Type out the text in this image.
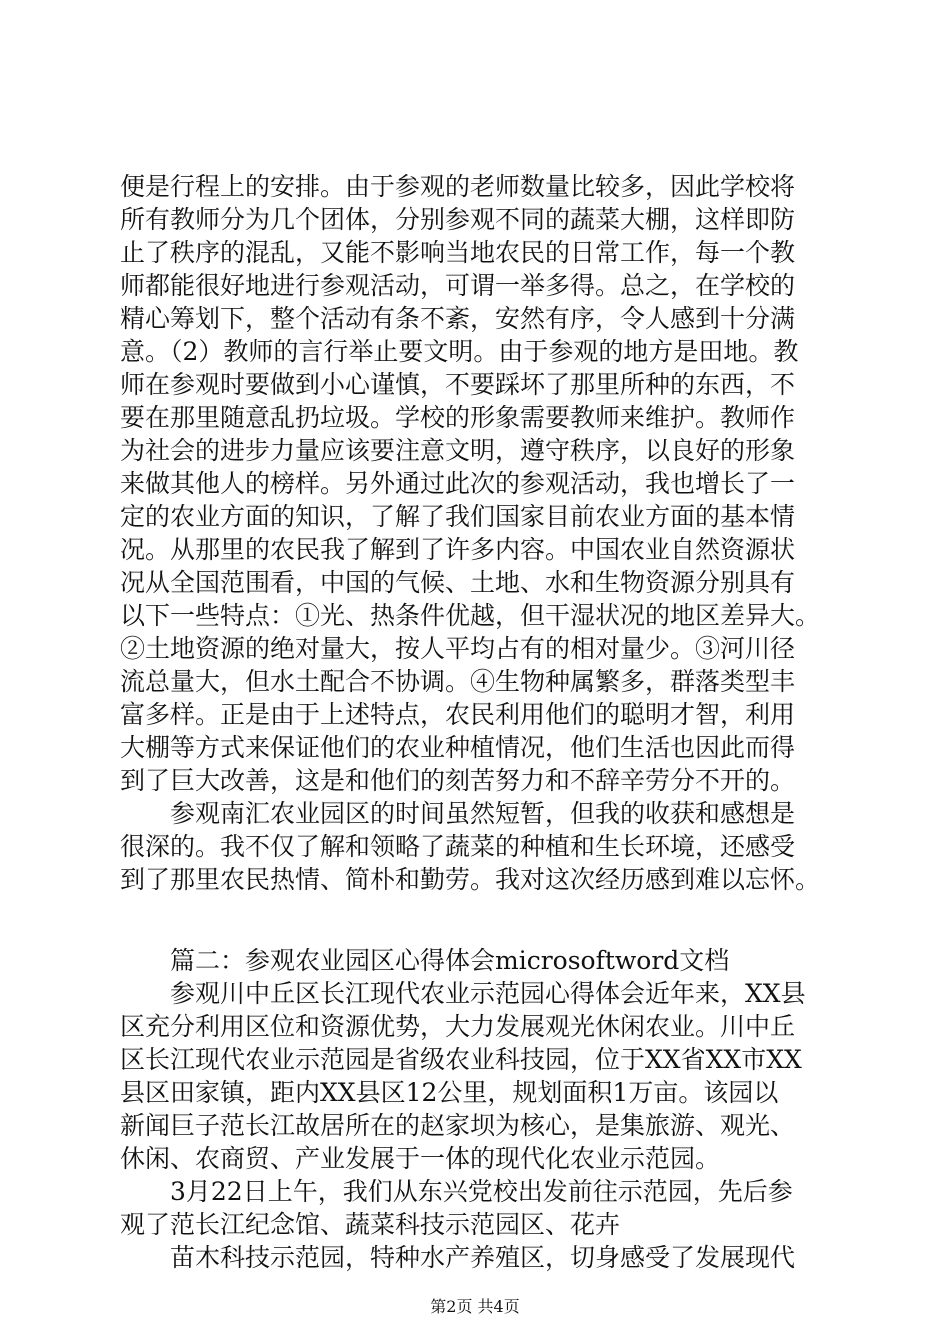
便是行程上的安排。由于参观的老师数量比较多，因此学校将
所有教师分为几个团体，分别参观不同的蔬菜大棚，这样即防
止了秩序的混乱，又能不影响当地农民的日常工作，每一个教
师都能很好地进行参观活动，可谓一举多得。总之，在学校的
精心筹划下，整个活动有条不紊，安然有序，令人感到十分满
意。（2）教师的言行举止要文明。由于参观的地方是田地。教
师在参观时要做到小心谨慎，不要踩坏了那里所种的东西，不
要在那里随意乱扔垃圾。学校的形象需要教师来维护。教师作
为社会的进步力量应该要注意文明，遵守秩序，以良好的形象
来做其他人的榜样。另外通过此次的参观活动，我也增长了一
定的农业方面的知识，了解了我们国家目前农业方面的基本情
况。从那里的农民我了解到了许多内容。中国农业自然资源状
况从全国范围看，中国的气候、土地、水和生物资源分别具有
以下一些特点：①光、热条件优越，但干湿状况的地区差异大。
②土地资源的绝对量大，按人平均占有的相对量少。③河川径
流总量大，但水土配合不协调。④生物种属繁多，群落类型丰
富多样。正是由于上述特点，农民利用他们的聪明才智，利用
大棚等方式来保证他们的农业种植情况，他们生活也因此而得
到了巨大改善，这是和他们的刻苦努力和不辞辛劳分不开的。
　　参观南汇农业园区的时间虽然短暂，但我的收获和感想是
很深的。我不仅了解和领略了蔬菜的种植和生长环境，还感受
到了那里农民热情、简朴和勤劳。我对这次经历感到难以忘怀。
　　篇二：参观农业园区心得体会microsoftword文档
　　参观川中丘区长江现代农业示范园心得体会近年来，XX县
区充分利用区位和资源优势，大力发展观光休闲农业。川中丘
区长江现代农业示范园是省级农业科技园，位于XX省XX市XX
县区田家镇，距内XX县区12公里，规划面积1万亩。该园以
新闻巨子范长江故居所在的赵家坝为核心，是集旅游、观光、
休闲、农商贸、产业发展于一体的现代化农业示范园。
　　3月22日上午，我们从东兴党校出发前往示范园，先后参
观了范长江纪念馆、蔬菜科技示范园区、花卉
　　苗木科技示范园，特种水产养殖区，切身感受了发展现代
第2页 共4页
